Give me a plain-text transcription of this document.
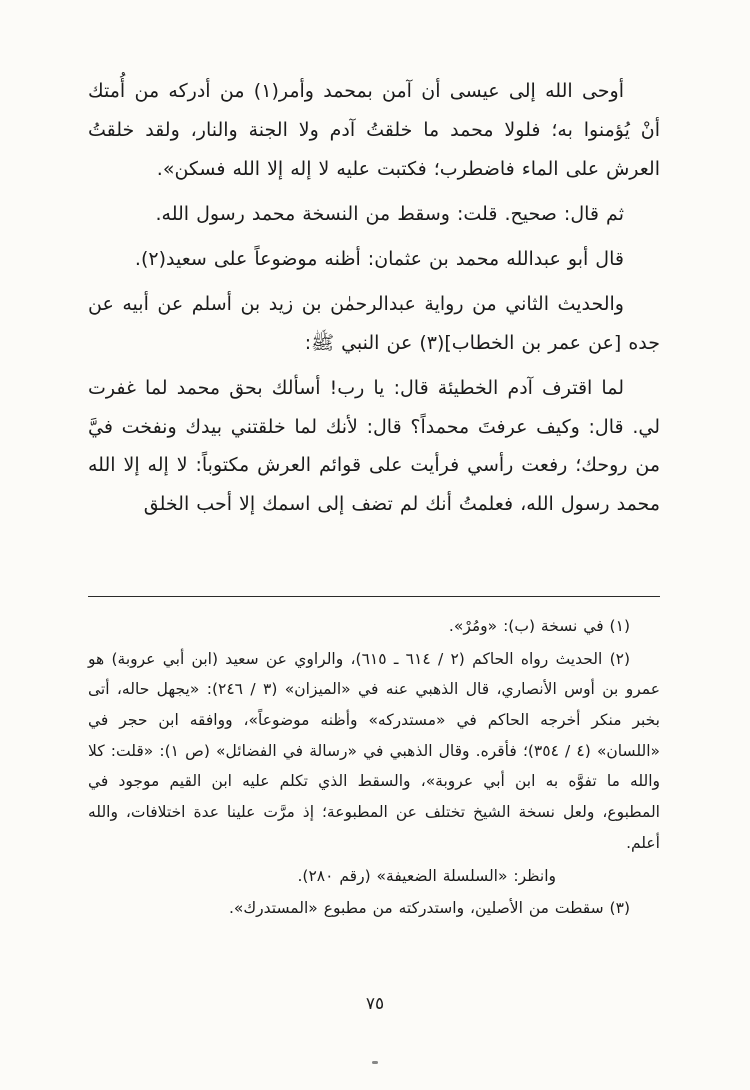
أوحى الله إلى عيسى أن آمن بمحمد وأمر(١) من أدركه من أُمتك أنْ يُؤمنوا به؛ فلولا محمد ما خلقتُ آدم ولا الجنة والنار، ولقد خلقتُ العرش على الماء فاضطرب؛ فكتبت عليه لا إله إلا الله فسكن».

ثم قال: صحيح. قلت: وسقط من النسخة محمد رسول الله.

قال أبو عبدالله محمد بن عثمان: أظنه موضوعاً على سعيد(٢).

والحديث الثاني من رواية عبدالرحمٰن بن زيد بن أسلم عن أبيه عن جده [عن عمر بن الخطاب](٣) عن النبي ﷺ:

لما اقترف آدم الخطيئة قال: يا رب! أسألك بحق محمد لما غفرت لي. قال: وكيف عرفتَ محمداً؟ قال: لأنك لما خلقتني بيدك ونفخت فيَّ من روحك؛ رفعت رأسي فرأيت على قوائم العرش مكتوباً: لا إله إلا الله محمد رسول الله، فعلمتُ أنك لم تضف إلى اسمك إلا أحب الخلق

(١) في نسخة (ب): «ومُرْ».

(٢) الحديث رواه الحاكم (٢ / ٦١٤ ـ ٦١٥)، والراوي عن سعيد (ابن أبي عروبة) هو عمرو بن أوس الأنصاري، قال الذهبي عنه في «الميزان» (٣ / ٢٤٦): «يجهل حاله، أتى بخبر منكر أخرجه الحاكم في «مستدركه» وأظنه موضوعاً»، ووافقه ابن حجر في «اللسان» (٤ / ٣٥٤)؛ فأقره. وقال الذهبي في «رسالة في الفضائل» (ص ١): «قلت: كلا والله ما تفوَّه به ابن أبي عروبة»، والسقط الذي تكلم عليه ابن القيم موجود في المطبوع، ولعل نسخة الشيخ تختلف عن المطبوعة؛ إذ مرَّت علينا عدة اختلافات، والله أعلم.

وانظر: «السلسلة الضعيفة» (رقم ٢٨٠).

(٣) سقطت من الأصلين، واستدركته من مطبوع «المستدرك».

٧٥
